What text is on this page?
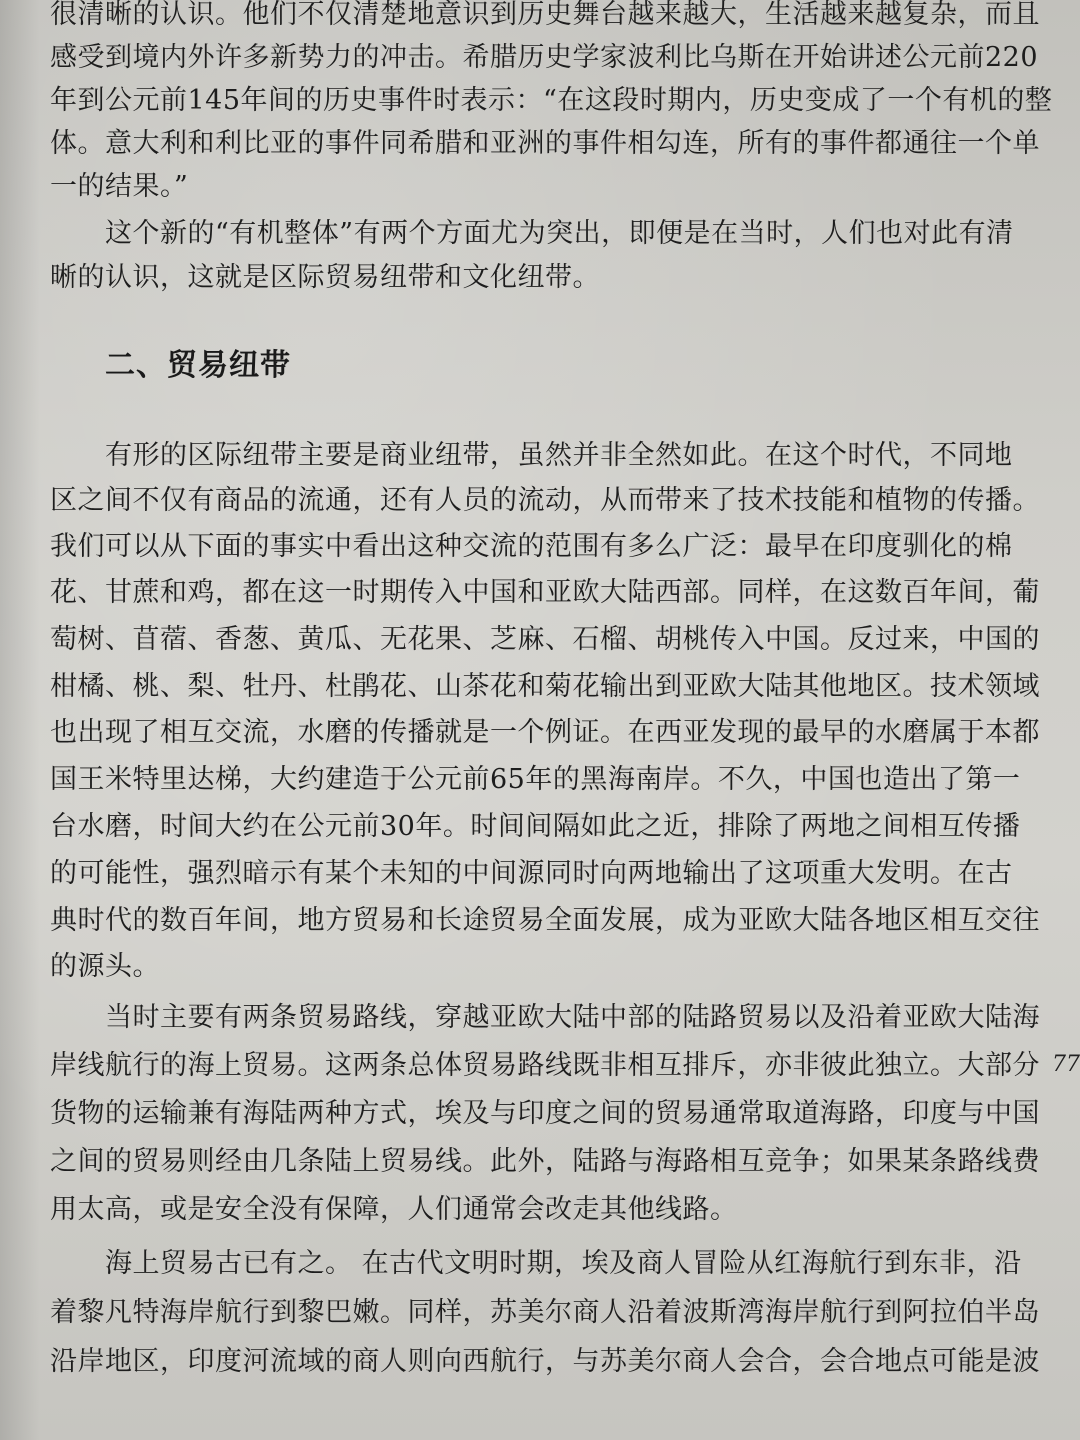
很清晰的认识。他们不仅清楚地意识到历史舞台越来越大，生活越来越复杂，而且
感受到境内外许多新势力的冲击。希腊历史学家波利比乌斯在开始讲述公元前220
年到公元前145年间的历史事件时表示：“在这段时期内，历史变成了一个有机的整
体。意大利和利比亚的事件同希腊和亚洲的事件相勾连，所有的事件都通往一个单
一的结果。”
　　这个新的“有机整体”有两个方面尤为突出，即便是在当时，人们也对此有清
晰的认识，这就是区际贸易纽带和文化纽带。
　　有形的区际纽带主要是商业纽带，虽然并非全然如此。在这个时代，不同地
区之间不仅有商品的流通，还有人员的流动，从而带来了技术技能和植物的传播。
我们可以从下面的事实中看出这种交流的范围有多么广泛：最早在印度驯化的棉
花、甘蔗和鸡，都在这一时期传入中国和亚欧大陆西部。同样，在这数百年间，葡
萄树、苜蓿、香葱、黄瓜、无花果、芝麻、石榴、胡桃传入中国。反过来，中国的
柑橘、桃、梨、牡丹、杜鹃花、山茶花和菊花输出到亚欧大陆其他地区。技术领域
也出现了相互交流，水磨的传播就是一个例证。在西亚发现的最早的水磨属于本都
国王米特里达梯，大约建造于公元前65年的黑海南岸。不久，中国也造出了第一
台水磨，时间大约在公元前30年。时间间隔如此之近，排除了两地之间相互传播
的可能性，强烈暗示有某个未知的中间源同时向两地输出了这项重大发明。在古
典时代的数百年间，地方贸易和长途贸易全面发展，成为亚欧大陆各地区相互交往
的源头。
　　当时主要有两条贸易路线，穿越亚欧大陆中部的陆路贸易以及沿着亚欧大陆海
岸线航行的海上贸易。这两条总体贸易路线既非相互排斥，亦非彼此独立。大部分
货物的运输兼有海陆两种方式，埃及与印度之间的贸易通常取道海路，印度与中国
之间的贸易则经由几条陆上贸易线。此外，陆路与海路相互竞争；如果某条路线费
用太高，或是安全没有保障，人们通常会改走其他线路。
　　海上贸易古已有之。 在古代文明时期，埃及商人冒险从红海航行到东非，沿
着黎凡特海岸航行到黎巴嫩。同样，苏美尔商人沿着波斯湾海岸航行到阿拉伯半岛
沿岸地区，印度河流域的商人则向西航行，与苏美尔商人会合，会合地点可能是波
二、贸易纽带
77
